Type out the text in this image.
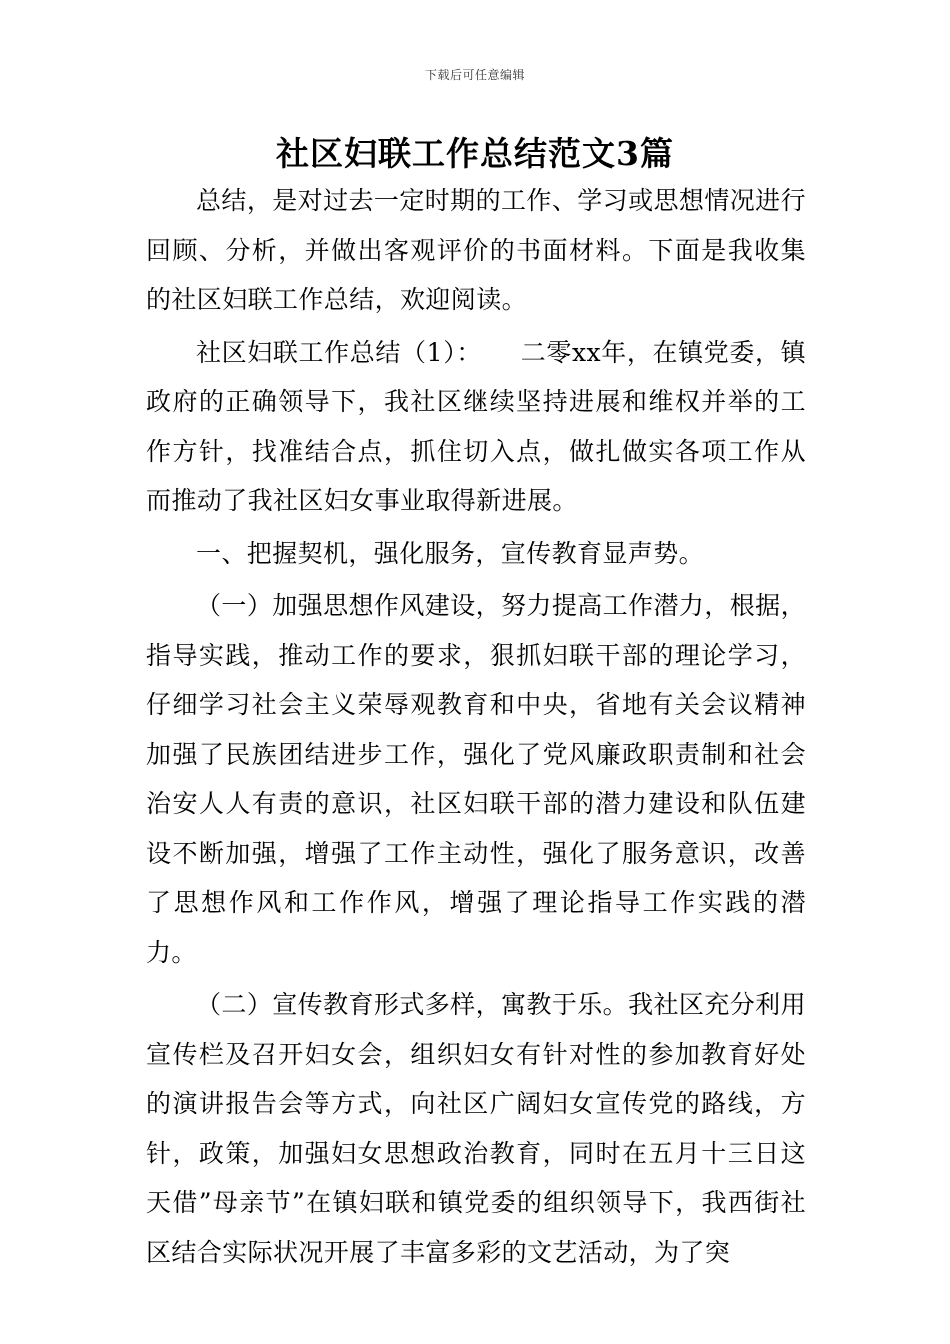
下载后可任意编辑
社区妇联工作总结范文3篇

总结，是对过去一定时期的工作、学习或思想情况进行回顾、分析，并做出客观评价的书面材料。下面是我收集的社区妇联工作总结，欢迎阅读。

社区妇联工作总结（1）：　　二零xx年，在镇党委，镇政府的正确领导下，我社区继续坚持进展和维权并举的工作方针，找准结合点，抓住切入点，做扎做实各项工作从而推动了我社区妇女事业取得新进展。

一、把握契机，强化服务，宣传教育显声势。

（一）加强思想作风建设，努力提高工作潜力，根据，指导实践，推动工作的要求，狠抓妇联干部的理论学习，仔细学习社会主义荣辱观教育和中央，省地有关会议精神加强了民族团结进步工作，强化了党风廉政职责制和社会治安人人有责的意识，社区妇联干部的潜力建设和队伍建设不断加强，增强了工作主动性，强化了服务意识，改善了思想作风和工作作风，增强了理论指导工作实践的潜力。

（二）宣传教育形式多样，寓教于乐。我社区充分利用宣传栏及召开妇女会，组织妇女有针对性的参加教育好处的演讲报告会等方式，向社区广阔妇女宣传党的路线，方针，政策，加强妇女思想政治教育，同时在五月十三日这天借”母亲节”在镇妇联和镇党委的组织领导下，我西街社区结合实际状况开展了丰富多彩的文艺活动，为了突
